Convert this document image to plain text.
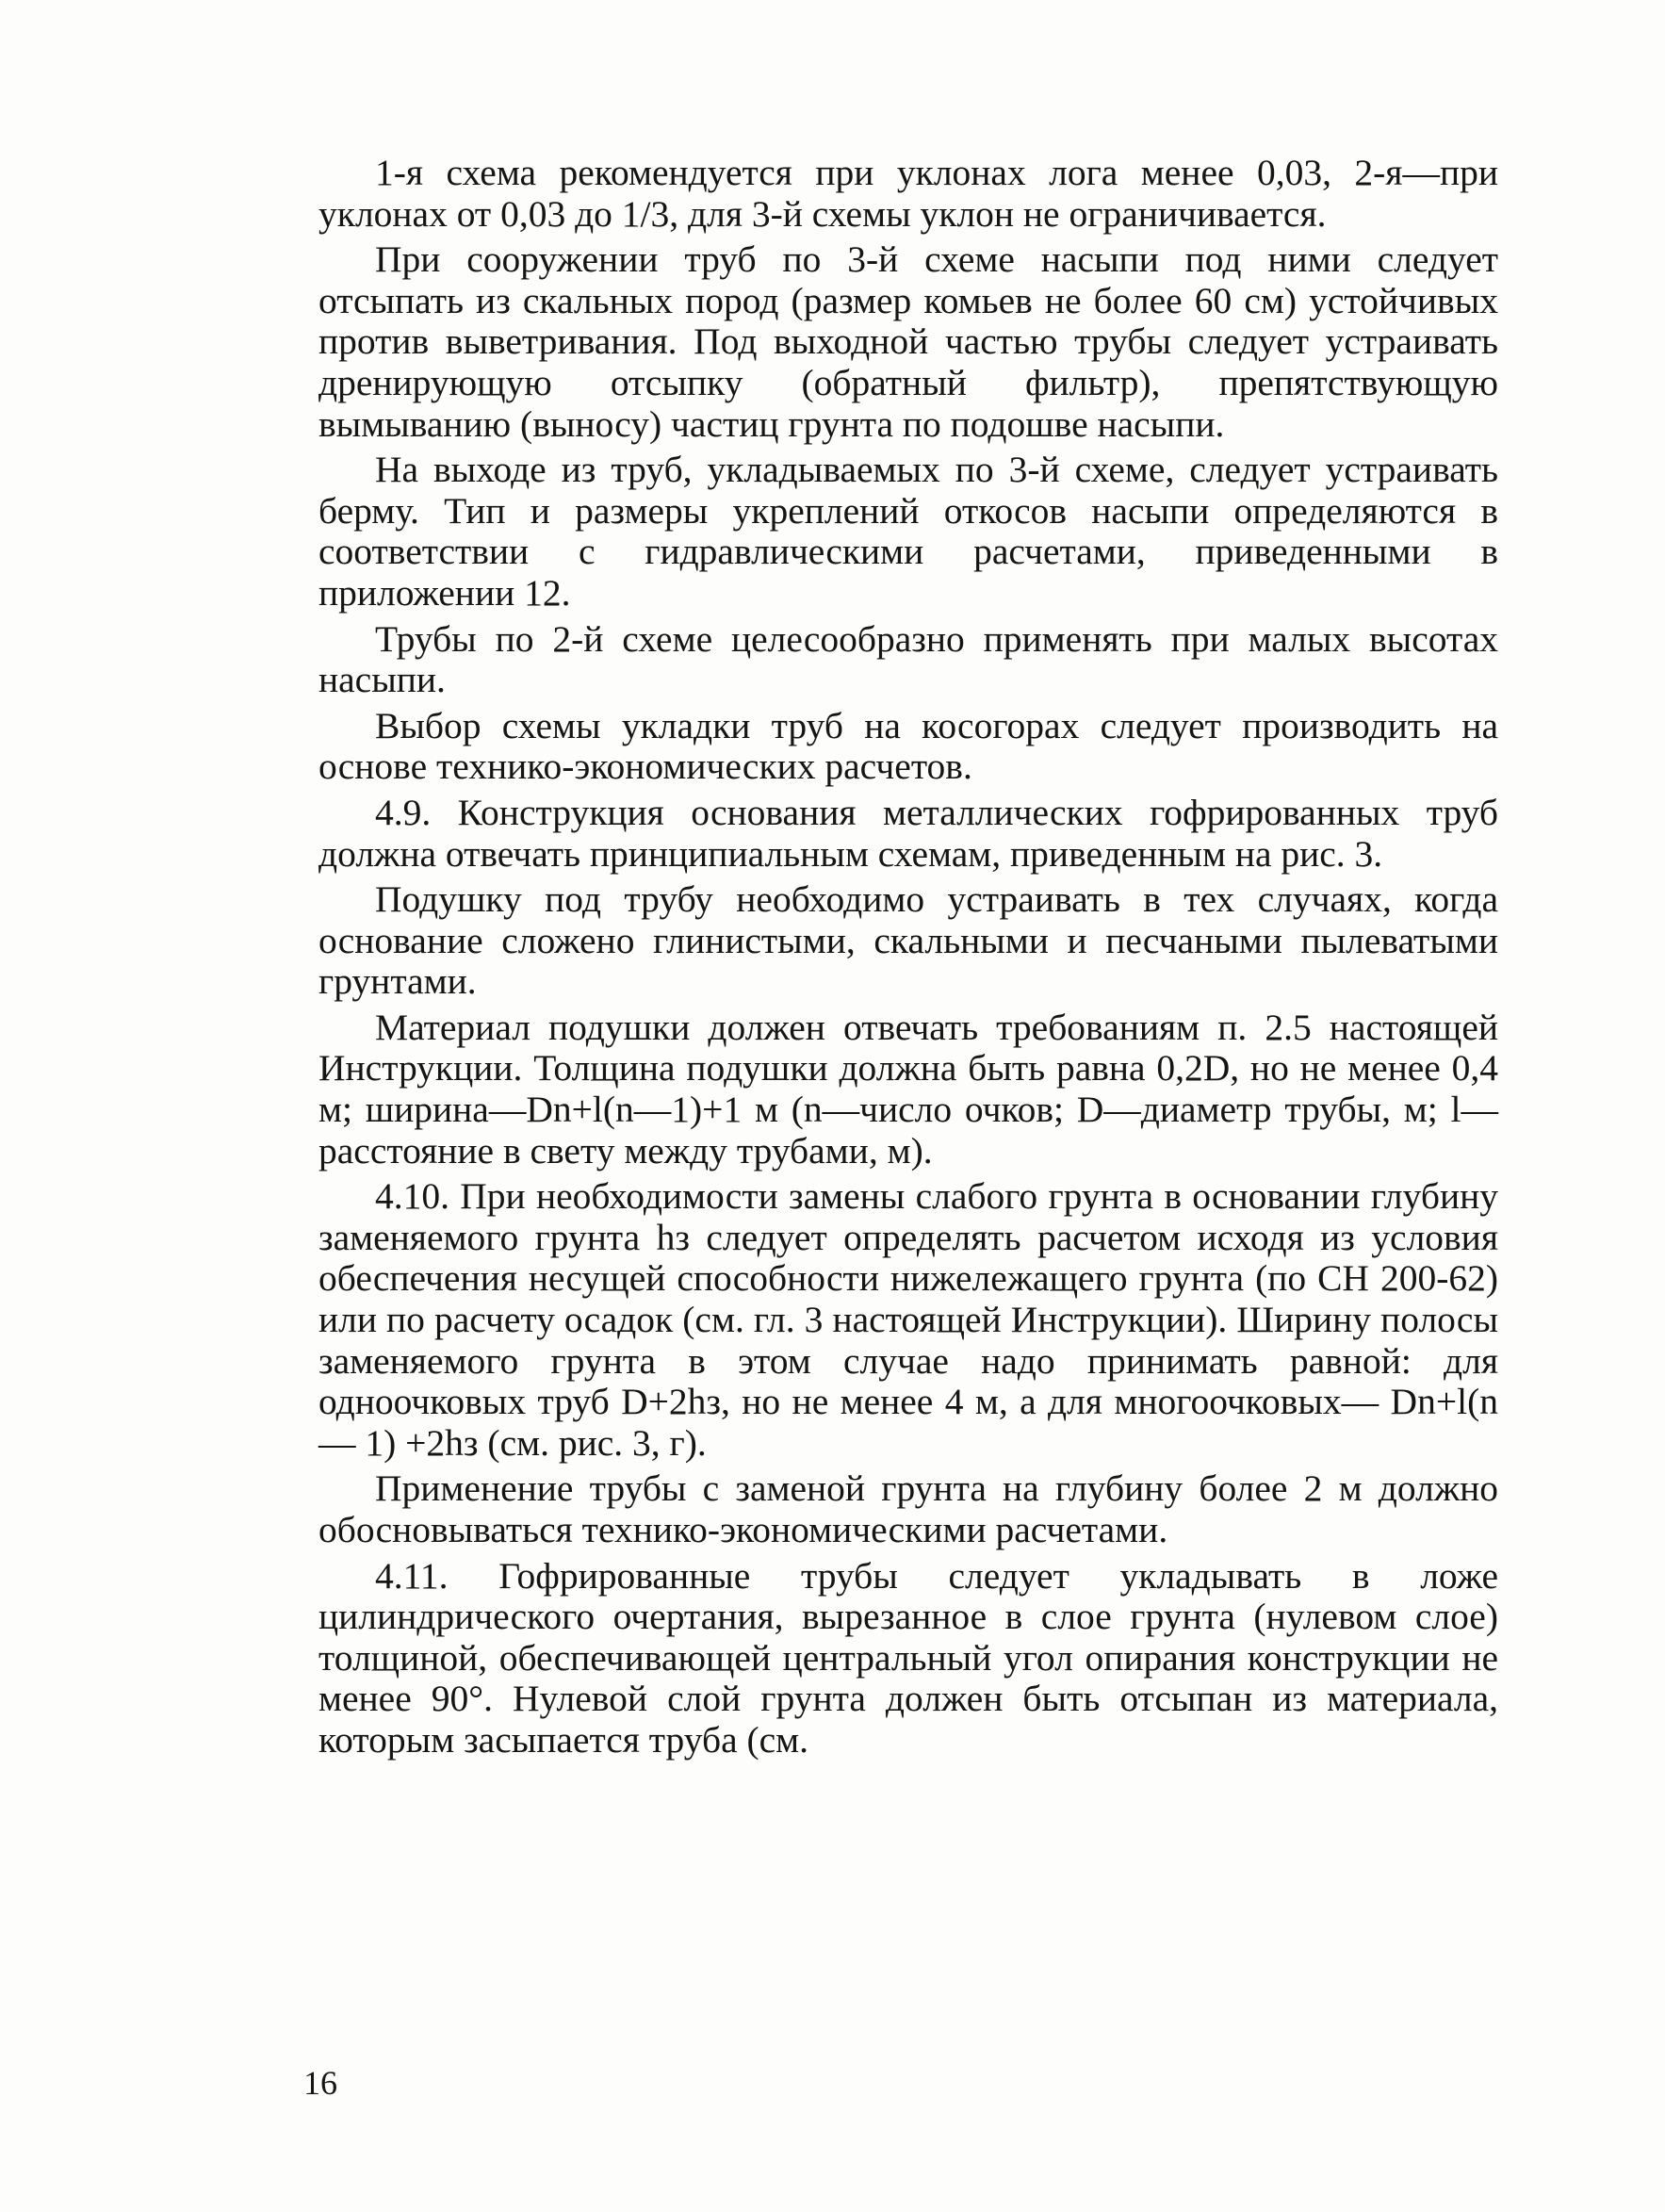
1-я схема рекомендуется при уклонах лога менее 0,03, 2-я—при уклонах от 0,03 до 1/3, для 3-й схемы уклон не ограничивается.

При сооружении труб по 3-й схеме насыпи под ними следует отсыпать из скальных пород (размер комьев не более 60 см) устойчивых против выветривания. Под выходной частью трубы следует устраивать дренирующую отсыпку (обратный фильтр), препятствующую вымыванию (выносу) частиц грунта по подошве насыпи.

На выходе из труб, укладываемых по 3-й схеме, следует устраивать берму. Тип и размеры укреплений откосов насыпи определяются в соответствии с гидравлическими расчетами, приведенными в приложении 12.

Трубы по 2-й схеме целесообразно применять при малых высотах насыпи.

Выбор схемы укладки труб на косогорах следует производить на основе технико-экономических расчетов.

4.9. Конструкция основания металлических гофрированных труб должна отвечать принципиальным схемам, приведенным на рис. 3.

Подушку под трубу необходимо устраивать в тех случаях, когда основание сложено глинистыми, скальными и песчаными пылеватыми грунтами.

Материал подушки должен отвечать требованиям п. 2.5 настоящей Инструкции. Толщина подушки должна быть равна 0,2D, но не менее 0,4 м; ширина—Dn+l(n—1)+1 м (n—число очков; D—диаметр трубы, м; l—расстояние в свету между трубами, м).

4.10. При необходимости замены слабого грунта в основании глубину заменяемого грунта hз следует определять расчетом исходя из условия обеспечения несущей способности нижележащего грунта (по СН 200-62) или по расчету осадок (см. гл. 3 настоящей Инструкции). Ширину полосы заменяемого грунта в этом случае надо принимать равной: для одноочковых труб D+2hз, но не менее 4 м, а для многоочковых— Dn+l(n — 1) +2hз (см. рис. 3, г).

Применение трубы с заменой грунта на глубину более 2 м должно обосновываться технико-экономическими расчетами.

4.11. Гофрированные трубы следует укладывать в ложе цилиндрического очертания, вырезанное в слое грунта (нулевом слое) толщиной, обеспечивающей центральный угол опирания конструкции не менее 90°. Нулевой слой грунта должен быть отсыпан из материала, которым засыпается труба (см.

16
